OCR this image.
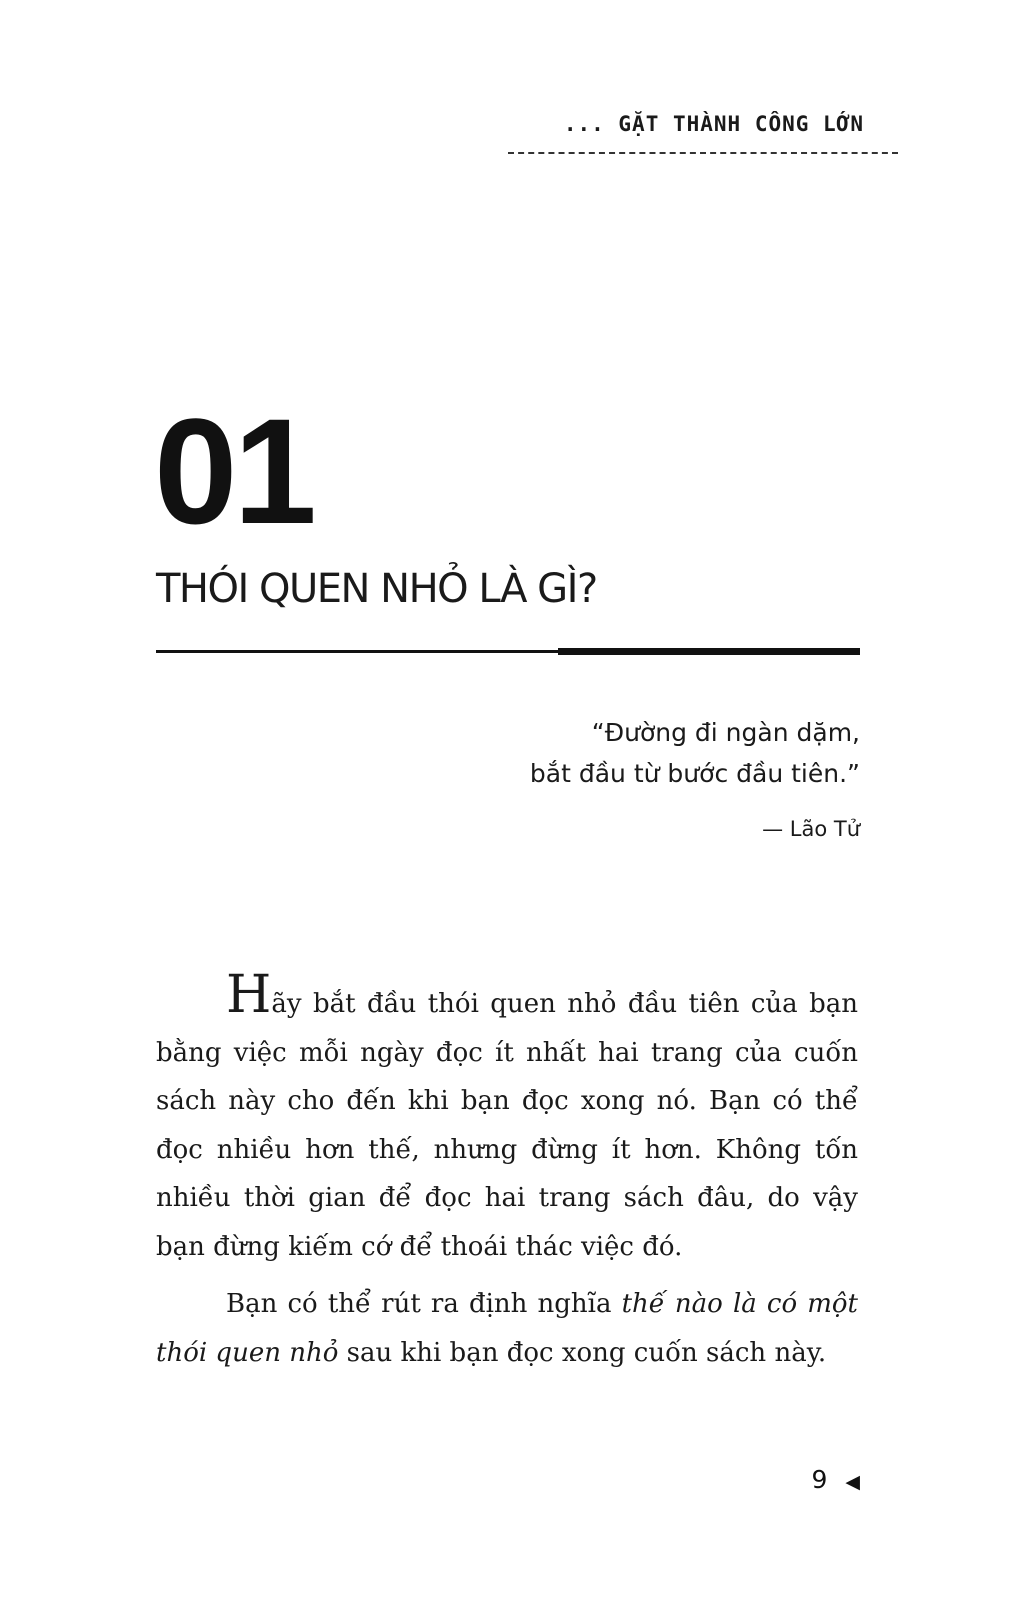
... GẶT THÀNH CÔNG LỚN
01
THÓI QUEN NHỎ LÀ GÌ?
“Đường đi ngàn dặm,
bắt đầu từ bước đầu tiên.”
— Lão Tử

Hãy bắt đầu thói quen nhỏ đầu tiên của bạn bằng việc mỗi ngày đọc ít nhất hai trang của cuốn sách này cho đến khi bạn đọc xong nó. Bạn có thể đọc nhiều hơn thế, nhưng đừng ít hơn. Không tốn nhiều thời gian để đọc hai trang sách đâu, do vậy bạn đừng kiếm cớ để thoái thác việc đó.

Bạn có thể rút ra định nghĩa thế nào là có một thói quen nhỏ sau khi bạn đọc xong cuốn sách này.

9 ◀
